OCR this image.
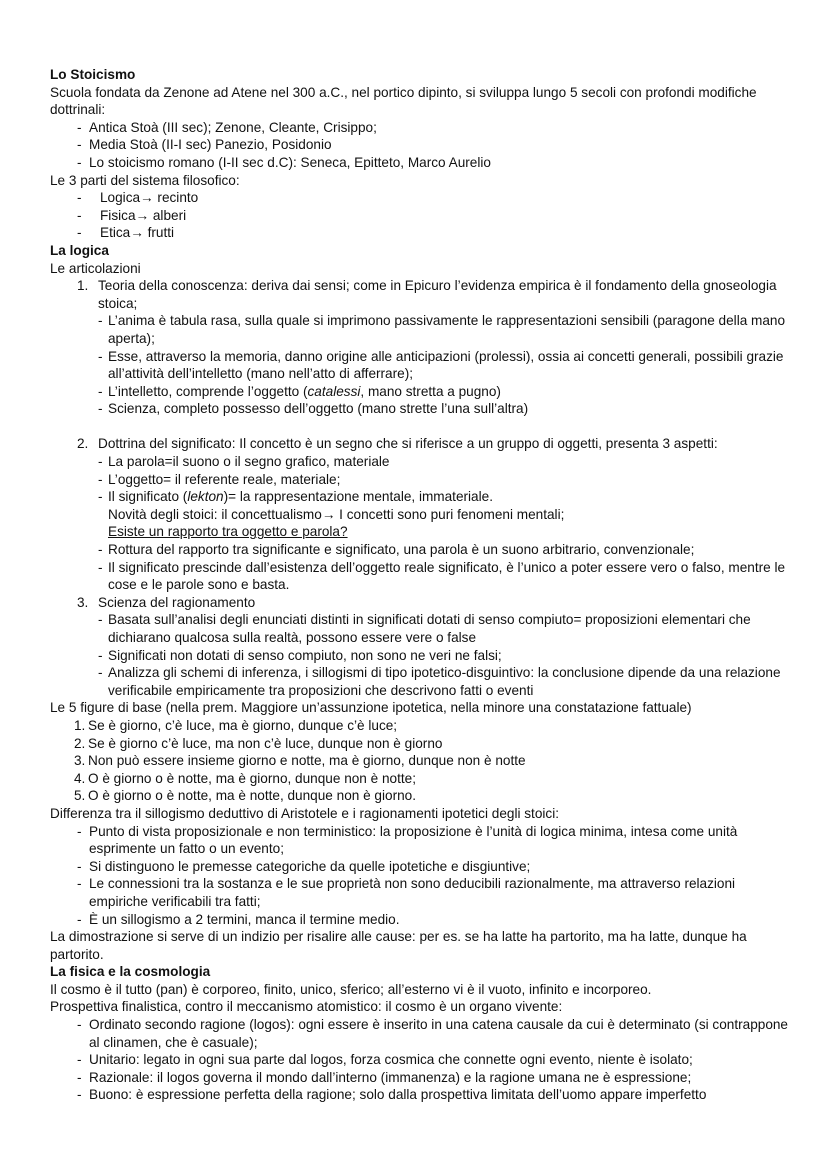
Lo Stoicismo
Scuola fondata da Zenone ad Atene nel 300 a.C., nel portico dipinto, si sviluppa lungo 5 secoli con profondi modifiche dottrinali:
- Antica Stoà (III sec); Zenone, Cleante, Crisippo;
- Media Stoà (II-I sec) Panezio, Posidonio
- Lo stoicismo romano (I-II sec d.C): Seneca, Epitteto, Marco Aurelio
Le 3 parti del sistema filosofico:
- Logica→ recinto
- Fisica→ alberi
- Etica→ frutti
La logica
Le articolazioni
1. Teoria della conoscenza: deriva dai sensi; come in Epicuro l’evidenza empirica è il fondamento della gnoseologia stoica;
- L’anima è tabula rasa, sulla quale si imprimono passivamente le rappresentazioni sensibili (paragone della mano aperta);
- Esse, attraverso la memoria, danno origine alle anticipazioni (prolessi), ossia ai concetti generali, possibili grazie all’attività dell’intelletto (mano nell’atto di afferrare);
- L’intelletto, comprende l’oggetto (catalessi, mano stretta a pugno)
- Scienza, completo possesso dell’oggetto (mano strette l’una sull’altra)
2. Dottrina del significato: Il concetto è un segno che si riferisce a un gruppo di oggetti, presenta 3 aspetti:
- La parola=il suono o il segno grafico, materiale
- L’oggetto= il referente reale, materiale;
- Il significato (lekton)= la rappresentazione mentale, immateriale.
Novità degli stoici: il concettualismo→ I concetti sono puri fenomeni mentali;
Esiste un rapporto tra oggetto e parola?
- Rottura del rapporto tra significante e significato, una parola è un suono arbitrario, convenzionale;
- Il significato prescinde dall’esistenza dell’oggetto reale significato, è l’unico a poter essere vero o falso, mentre le cose e le parole sono e basta.
3. Scienza del ragionamento
- Basata sull’analisi degli enunciati distinti in significati dotati di senso compiuto= proposizioni elementari che dichiarano qualcosa sulla realtà, possono essere vere o false
- Significati non dotati di senso compiuto, non sono ne veri ne falsi;
- Analizza gli schemi di inferenza, i sillogismi di tipo ipotetico-disguintivo: la conclusione dipende da una relazione verificabile empiricamente tra proposizioni che descrivono fatti o eventi
Le 5 figure di base (nella prem. Maggiore un’assunzione ipotetica, nella minore una constatazione fattuale)
1. Se è giorno, c’è luce, ma è giorno, dunque c’è luce;
2. Se è giorno c’è luce, ma non c’è luce, dunque non è giorno
3. Non può essere insieme giorno e notte, ma è giorno, dunque non è notte
4. O è giorno o è notte, ma è giorno, dunque non è notte;
5. O è giorno o è notte, ma è notte, dunque non è giorno.
Differenza tra il sillogismo deduttivo di Aristotele e i ragionamenti ipotetici degli stoici:
- Punto di vista proposizionale e non terministico: la proposizione è l’unità di logica minima, intesa come unità esprimente un fatto o un evento;
- Si distinguono le premesse categoriche da quelle ipotetiche e disgiuntive;
- Le connessioni tra la sostanza e le sue proprietà non sono deducibili razionalmente, ma attraverso relazioni empiriche verificabili tra fatti;
- È un sillogismo a 2 termini, manca il termine medio.
La dimostrazione si serve di un indizio per risalire alle cause: per es. se ha latte ha partorito, ma ha latte, dunque ha partorito.
La fisica e la cosmologia
Il cosmo è il tutto (pan) è corporeo, finito, unico, sferico; all’esterno vi è il vuoto, infinito e incorporeo.
Prospettiva finalistica, contro il meccanismo atomistico: il cosmo è un organo vivente:
- Ordinato secondo ragione (logos): ogni essere è inserito in una catena causale da cui è determinato (si contrappone al clinamen, che è casuale);
- Unitario: legato in ogni sua parte dal logos, forza cosmica che connette ogni evento, niente è isolato;
- Razionale: il logos governa il mondo dall’interno (immanenza) e la ragione umana ne è espressione;
- Buono: è espressione perfetta della ragione; solo dalla prospettiva limitata dell’uomo appare imperfetto
